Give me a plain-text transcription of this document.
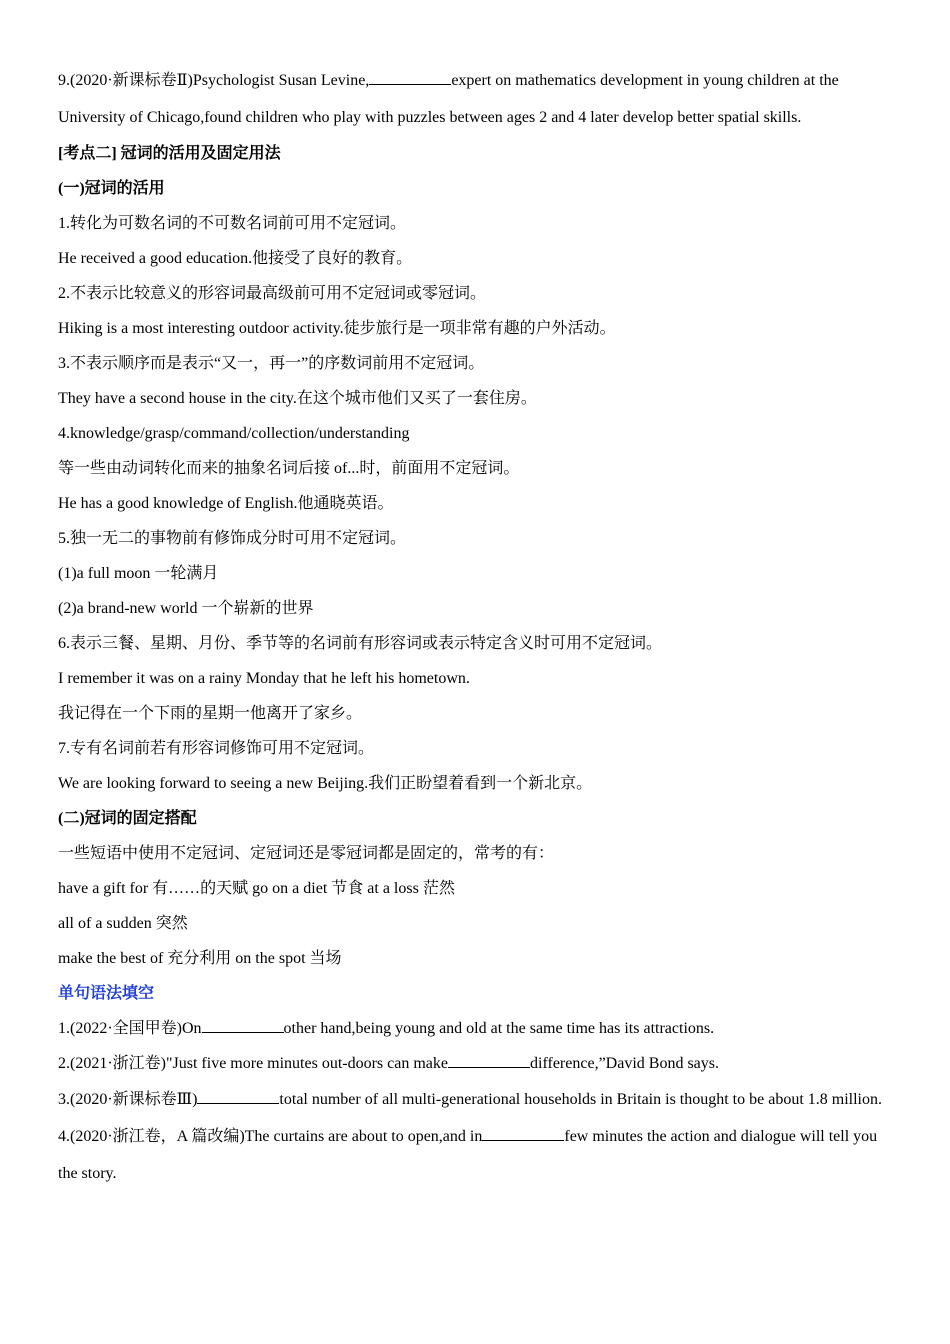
9.(2020·新课标卷Ⅱ)Psychologist Susan Levine,	expert on mathematics development in young children at the University of Chicago,found children who play with puzzles between ages 2 and 4 later develop better spatial skills.
[考点二] 冠词的活用及固定用法
(一)冠词的活用
1.转化为可数名词的不可数名词前可用不定冠词。
He received a good education.他接受了良好的教育。
2.不表示比较意义的形容词最高级前可用不定冠词或零冠词。
Hiking is a most interesting outdoor activity.徒步旅行是一项非常有趣的户外活动。
3.不表示顺序而是表示“又一，再一”的序数词前用不定冠词。
They have a second house in the city.在这个城市他们又买了一套住房。
4.knowledge/grasp/command/collection/understanding
等一些由动词转化而来的抽象名词后接 of...时，前面用不定冠词。
He has a good knowledge of English.他通晓英语。
5.独一无二的事物前有修饰成分时可用不定冠词。
(1)a full moon 一轮满月
(2)a brand-new world 一个崭新的世界
6.表示三餐、星期、月份、季节等的名词前有形容词或表示特定含义时可用不定冠词。
I remember it was on a rainy Monday that he left his hometown.
我记得在一个下雨的星期一他离开了家乡。
7.专有名词前若有形容词修饰可用不定冠词。
We are looking forward to seeing a new Beijing.我们正盼望着看到一个新北京。
(二)冠词的固定搭配
一些短语中使用不定冠词、定冠词还是零冠词都是固定的，常考的有：
have a gift for 有……的天赋 go on a diet 节食 at a loss 茫然
all of a sudden 突然
make the best of 充分利用 on the spot 当场
单句语法填空
1.(2022·全国甲卷)On	other hand,being young and old at the same time has its attractions.
2.(2021·浙江卷)"Just five more minutes out-doors can make	difference,”David Bond says.
3.(2020·新课标卷Ⅲ)	total number of all multi-generational households in Britain is thought to be about 1.8 million.
4.(2020·浙江卷，A 篇改编)The curtains are about to open,and in	few minutes the action and dialogue will tell you the story.
